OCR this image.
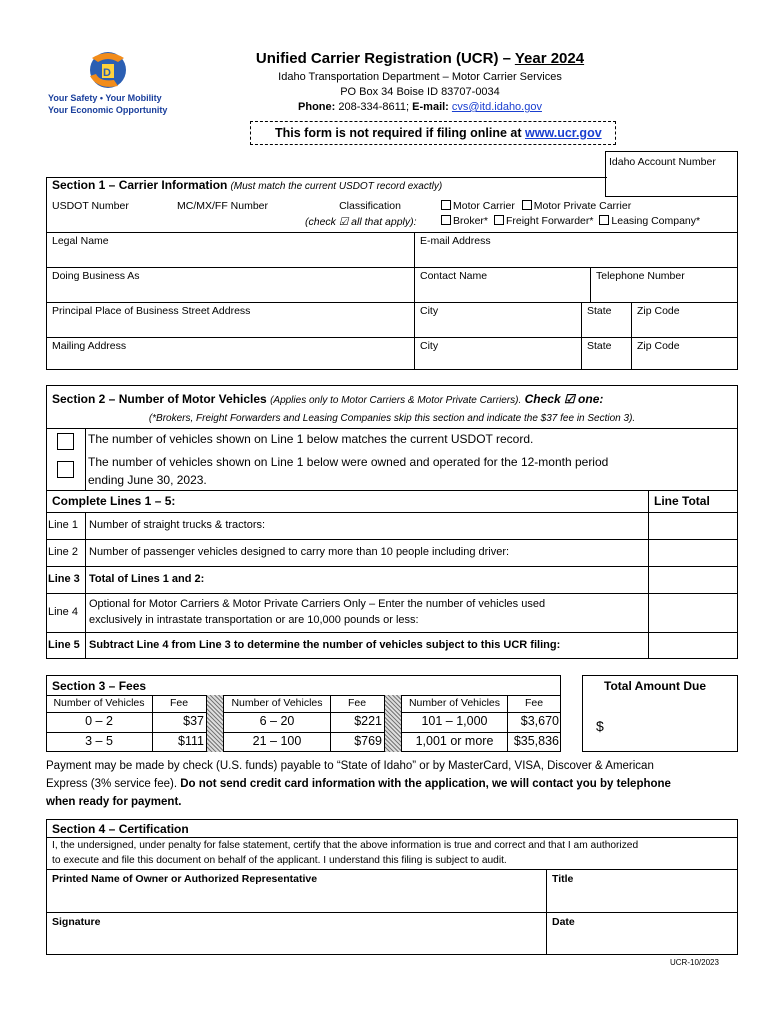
D
Your Safety • Your Mobility
Your Economic Opportunity
Unified Carrier Registration (UCR) – Year 2024
Idaho Transportation Department – Motor Carrier Services
PO Box 34 Boise ID 83707-0034
Phone: 208-334-8611; E-mail: cvs@itd.idaho.gov
This form is not required if filing online at www.ucr.gov
Idaho Account Number
Section 1 – Carrier Information (Must match the current USDOT record exactly)
USDOT Number	MC/MX/FF Number	Classification
(check ☑ all that apply):
Motor Carrier Motor Private Carrier
Broker* Freight Forwarder* Leasing Company*
Legal Name	E-mail Address
Doing Business As	Contact Name	Telephone Number
Principal Place of Business Street Address	City	State	Zip Code
Mailing Address	City	State	Zip Code
Section 2 – Number of Motor Vehicles (Applies only to Motor Carriers & Motor Private Carriers). Check ☑ one:
(*Brokers, Freight Forwarders and Leasing Companies skip this section and indicate the $37 fee in Section 3).
The number of vehicles shown on Line 1 below matches the current USDOT record.
The number of vehicles shown on Line 1 below were owned and operated for the 12-month period
ending June 30, 2023.
Complete Lines 1 – 5:	Line Total
Line 1 Number of straight trucks & tractors:
Line 2 Number of passenger vehicles designed to carry more than 10 people including driver:
Line 3 Total of Lines 1 and 2:
Line 4
Optional for Motor Carriers & Motor Private Carriers Only – Enter the number of vehicles used
exclusively in intrastate transportation or are 10,000 pounds or less:
Line 5 Subtract Line 4 from Line 3 to determine the number of vehicles subject to this UCR filing:
Section 3 – Fees
Number of Vehicles	Fee	Number of Vehicles	Fee	Number of Vehicles	Fee
0 – 2	$37	6 – 20	$221	101 – 1,000	$3,670
3 – 5	$111	21 – 100	$769	1,001 or more	$35,836
Total Amount Due
$
Payment may be made by check (U.S. funds) payable to “State of Idaho” or by MasterCard, VISA, Discover & American
Express (3% service fee). Do not send credit card information with the application, we will contact you by telephone
when ready for payment.
Section 4 – Certification
I, the undersigned, under penalty for false statement, certify that the above information is true and correct and that I am authorized
to execute and file this document on behalf of the applicant. I understand this filing is subject to audit.
Printed Name of Owner or Authorized Representative	Title
Signature	Date
UCR-10/2023
